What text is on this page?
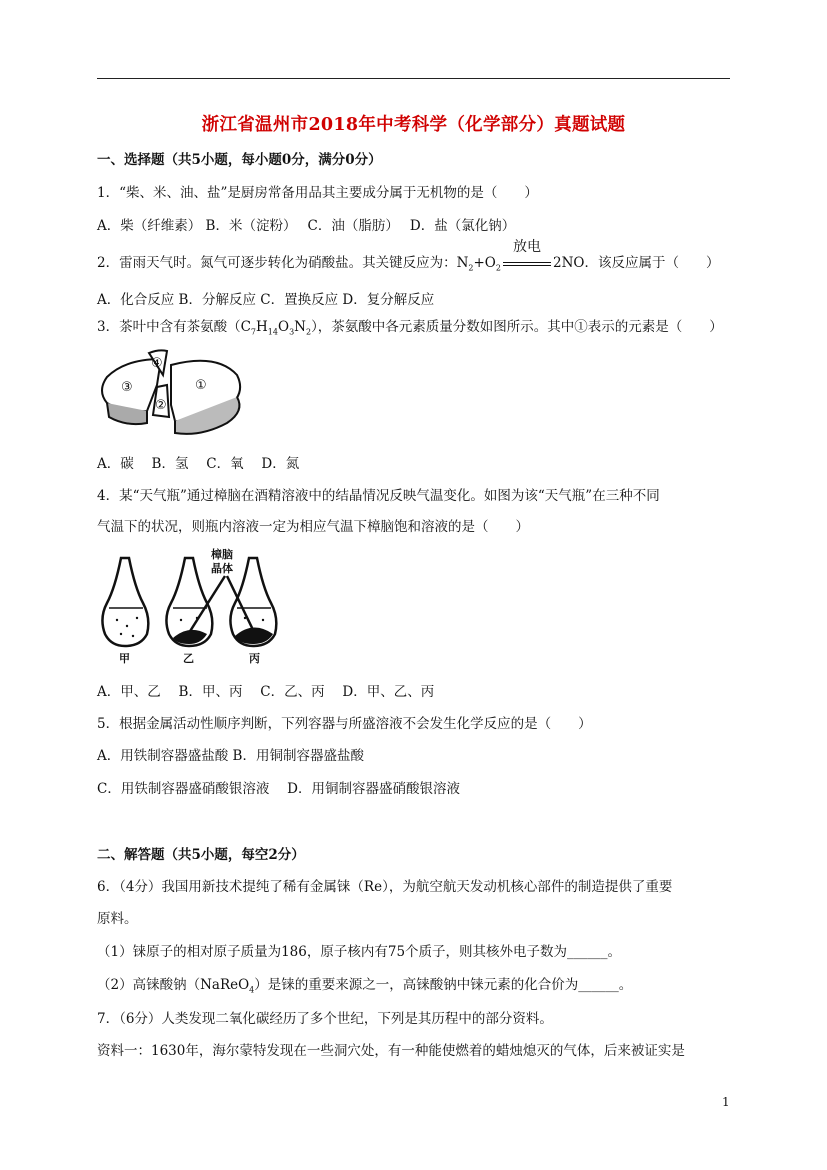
浙江省温州市2018年中考科学（化学部分）真题试题
一、选择题（共5小题，每小题0分，满分0分）
1．“柴、米、油、盐”是厨房常备用品其主要成分属于无机物的是（　　）
A．柴（纤维素） B．米（淀粉）　 C．油（脂肪）　 D．盐（氯化钠）
2．雷雨天气时。氮气可逐步转化为硝酸盐。其关键反应为：$N_2+O_2$
放电
2NO．该反应属于（　　）
A．化合反应 B．分解反应 C．置换反应 D．复分解反应
3．茶叶中含有茶氨酸$(C_7H_{14}O_3N_2)$，茶氨酸中各元素质量分数如图所示。其中①表示的元素是（　　）
①
②
③
④
A．碳　 B．氢　 C．氧　 D．氮
4．某“天气瓶”通过樟脑在酒精溶液中的结晶情况反映气温变化。如图为该“天气瓶”在三种不同
气温下的状况，则瓶内溶液一定为相应气温下樟脑饱和溶液的是（　　）
樟脑
晶体
甲	乙	丙
A．甲、乙　 B．甲、丙　 C．乙、丙　 D．甲、乙、丙
5．根据金属活动性顺序判断，下列容器与所盛溶液不会发生化学反应的是（　　）
A．用铁制容器盛盐酸 B．用铜制容器盛盐酸
C．用铁制容器盛硝酸银溶液　 D．用铜制容器盛硝酸银溶液
二、解答题（共5小题，每空2分）
6．（4分）我国用新技术提纯了稀有金属铼（Re），为航空航天发动机核心部件的制造提供了重要
原料。
（1）铼原子的相对原子质量为186，原子核内有75个质子，则其核外电子数为______。
（2）高铼酸钠（NaReO$_4$）是铼的重要来源之一，高铼酸钠中铼元素的化合价为______。
7．（6分）人类发现二氧化碳经历了多个世纪，下列是其历程中的部分资料。
资料一：1630年，海尔蒙特发现在一些洞穴处，有一种能使燃着的蜡烛熄灭的气体，后来被证实是
1
